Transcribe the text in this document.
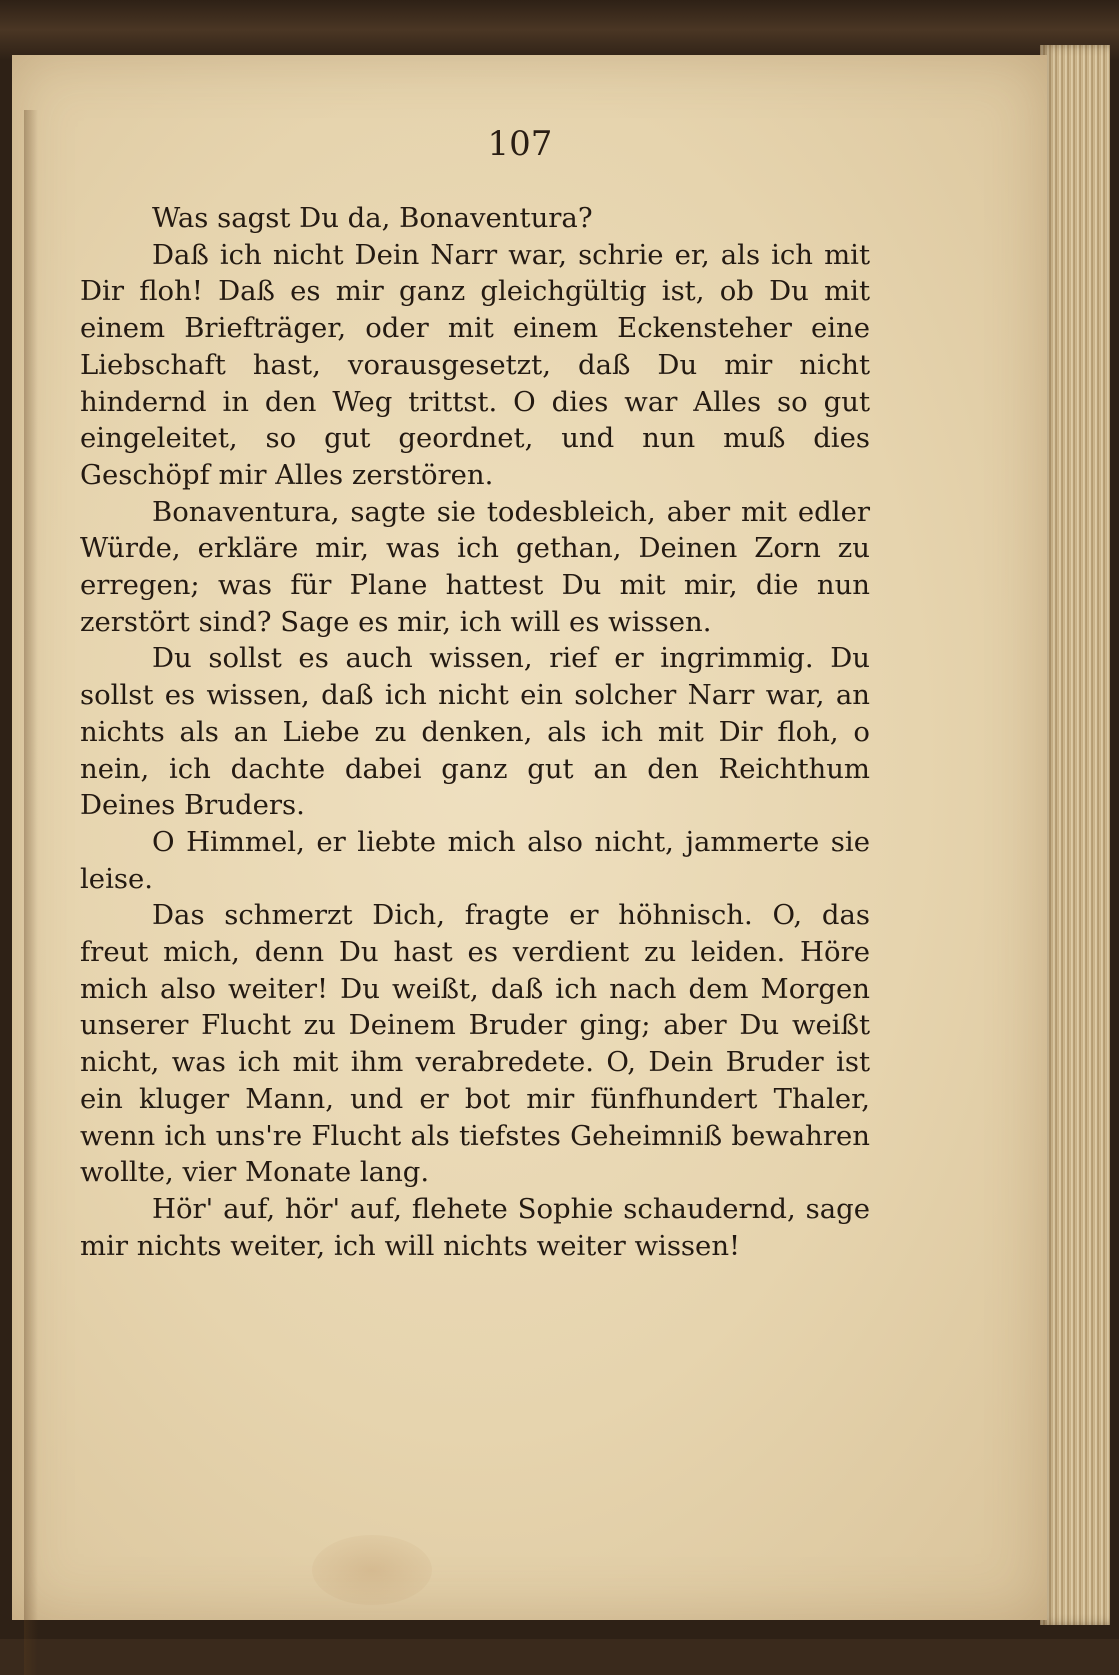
107

Was sagst Du da, Bonaventura?

Daß ich nicht Dein Narr war, schrie er, als ich mit Dir floh! Daß es mir ganz gleichgültig ist, ob Du mit einem Briefträger, oder mit einem Eckensteher eine Liebschaft hast, vorausgesetzt, daß Du mir nicht hindernd in den Weg trittst. O dies war Alles so gut eingeleitet, so gut geordnet, und nun muß dies Geschöpf mir Alles zerstören.

Bonaventura, sagte sie todesbleich, aber mit edler Würde, erkläre mir, was ich gethan, Deinen Zorn zu erregen; was für Plane hattest Du mit mir, die nun zerstört sind? Sage es mir, ich will es wissen.

Du sollst es auch wissen, rief er ingrimmig. Du sollst es wissen, daß ich nicht ein solcher Narr war, an nichts als an Liebe zu denken, als ich mit Dir floh, o nein, ich dachte dabei ganz gut an den Reichthum Deines Bruders.

O Himmel, er liebte mich also nicht, jammerte sie leise.

Das schmerzt Dich, fragte er höhnisch. O, das freut mich, denn Du hast es verdient zu leiden. Höre mich also weiter! Du weißt, daß ich nach dem Morgen unserer Flucht zu Deinem Bruder ging; aber Du weißt nicht, was ich mit ihm verabredete. O, Dein Bruder ist ein kluger Mann, und er bot mir fünfhundert Thaler, wenn ich uns're Flucht als tiefstes Geheimniß bewahren wollte, vier Monate lang.

Hör' auf, hör' auf, flehete Sophie schaudernd, sage mir nichts weiter, ich will nichts weiter wissen!
